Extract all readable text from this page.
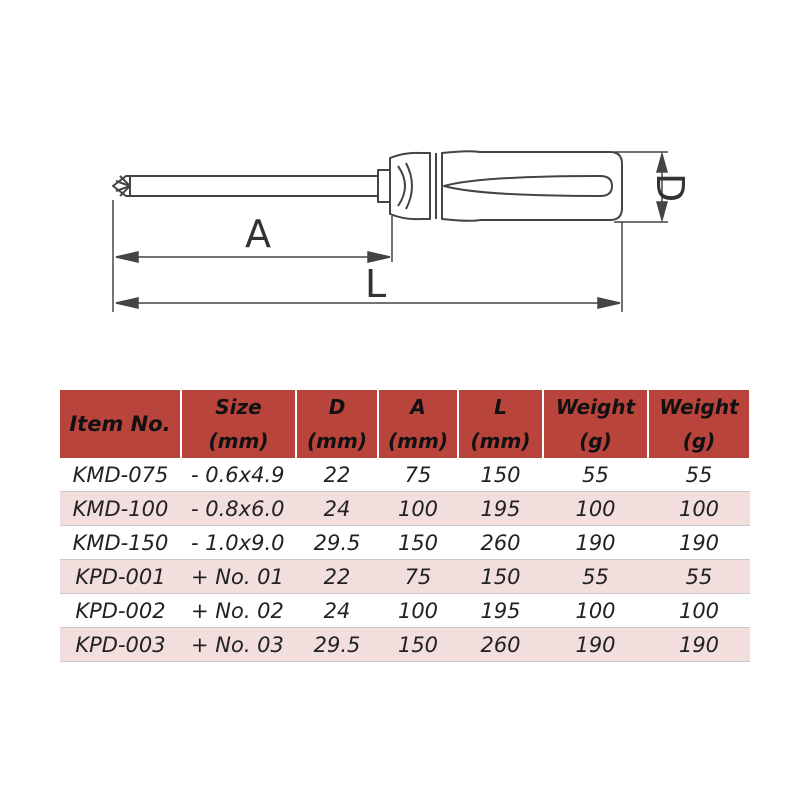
A
L
D
Item No.	Size	D	A	L	Weight	Weight
	(mm)	(mm)	(mm)	(mm)	(g)	(g)
KMD-075	- 0.6x4.9	22	75	150	55	55
KMD-100	- 0.8x6.0	24	100	195	100	100
KMD-150	- 1.0x9.0	29.5	150	260	190	190
KPD-001	+ No. 01	22	75	150	55	55
KPD-002	+ No. 02	24	100	195	100	100
KPD-003	+ No. 03	29.5	150	260	190	190
